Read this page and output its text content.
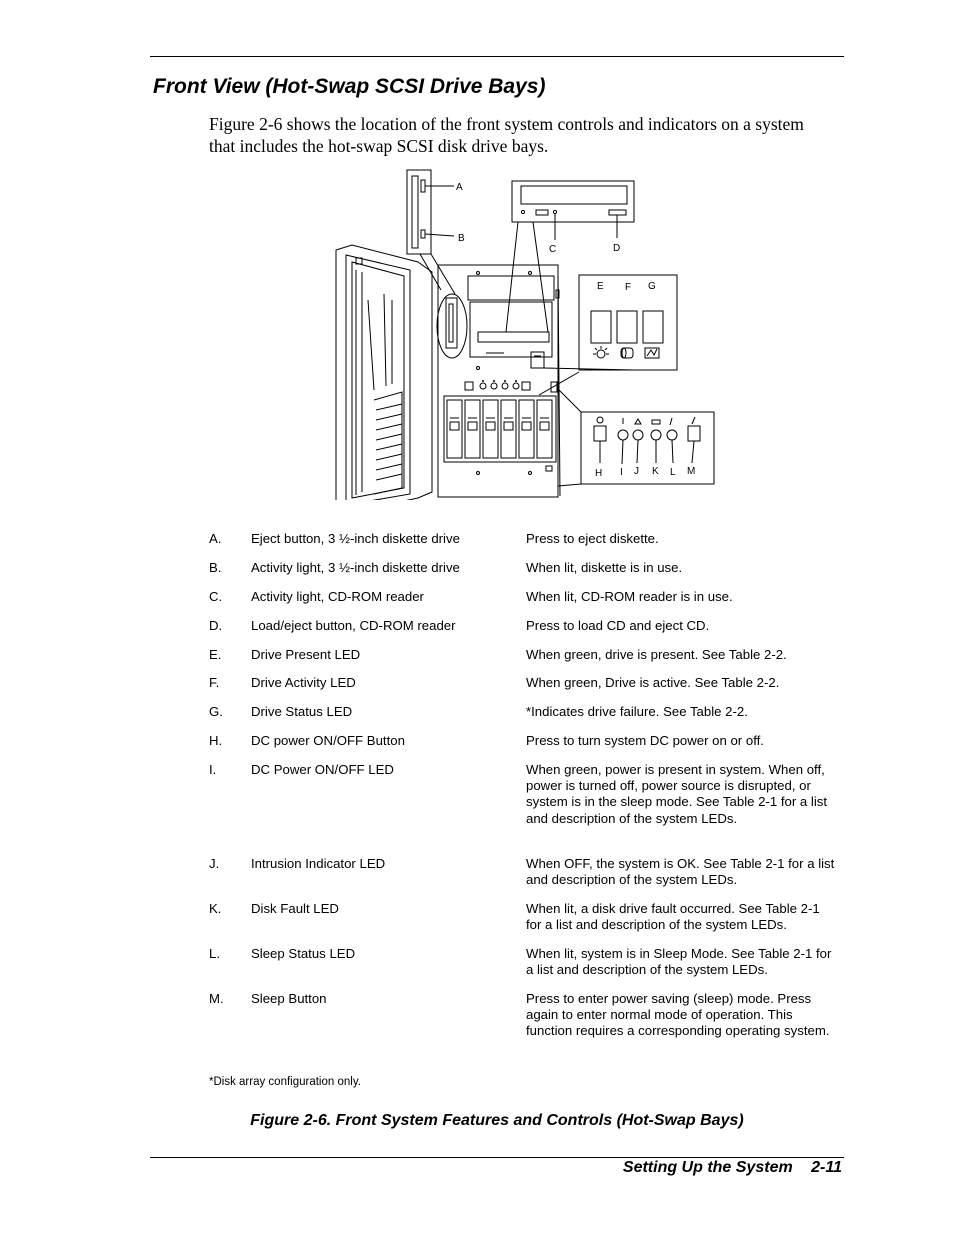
Front View (Hot-Swap SCSI Drive Bays)

Figure 2-6 shows the location of the front system controls and indicators on a system that includes the hot-swap SCSI disk drive bays.

A
B
C	D
E F G
H I J K L M
A.	Eject button, 3 ½-inch diskette drive	Press to eject diskette.
B.	Activity light, 3 ½-inch diskette drive	When lit, diskette is in use.
C.	Activity light, CD-ROM reader	When lit, CD-ROM reader is in use.
D.	Load/eject button, CD-ROM reader	Press to load CD and eject CD.
E.	Drive Present LED	When green, drive is present. See Table 2-2.
F.	Drive Activity LED	When green, Drive is active. See Table 2-2.
G.	Drive Status LED	*Indicates drive failure. See Table 2-2.
H.	DC power ON/OFF Button	Press to turn system DC power on or off.
I.	DC Power ON/OFF LED	When green, power is present in system. When off, power is turned off, power source is disrupted, or system is in the sleep mode. See Table 2-1 for a list and description of the system LEDs.
J.	Intrusion Indicator LED	When OFF, the system is OK. See Table 2-1 for a list and description of the system LEDs.
K.	Disk Fault LED	When lit, a disk drive fault occurred. See Table 2-1 for a list and description of the system LEDs.
L.	Sleep Status LED	When lit, system is in Sleep Mode. See Table 2-1 for a list and description of the system LEDs.
M.	Sleep Button	Press to enter power saving (sleep) mode. Press again to enter normal mode of operation. This function requires a corresponding operating system.
*Disk array configuration only.

Figure 2-6. Front System Features and Controls (Hot-Swap Bays)

Setting Up the System 2-11
